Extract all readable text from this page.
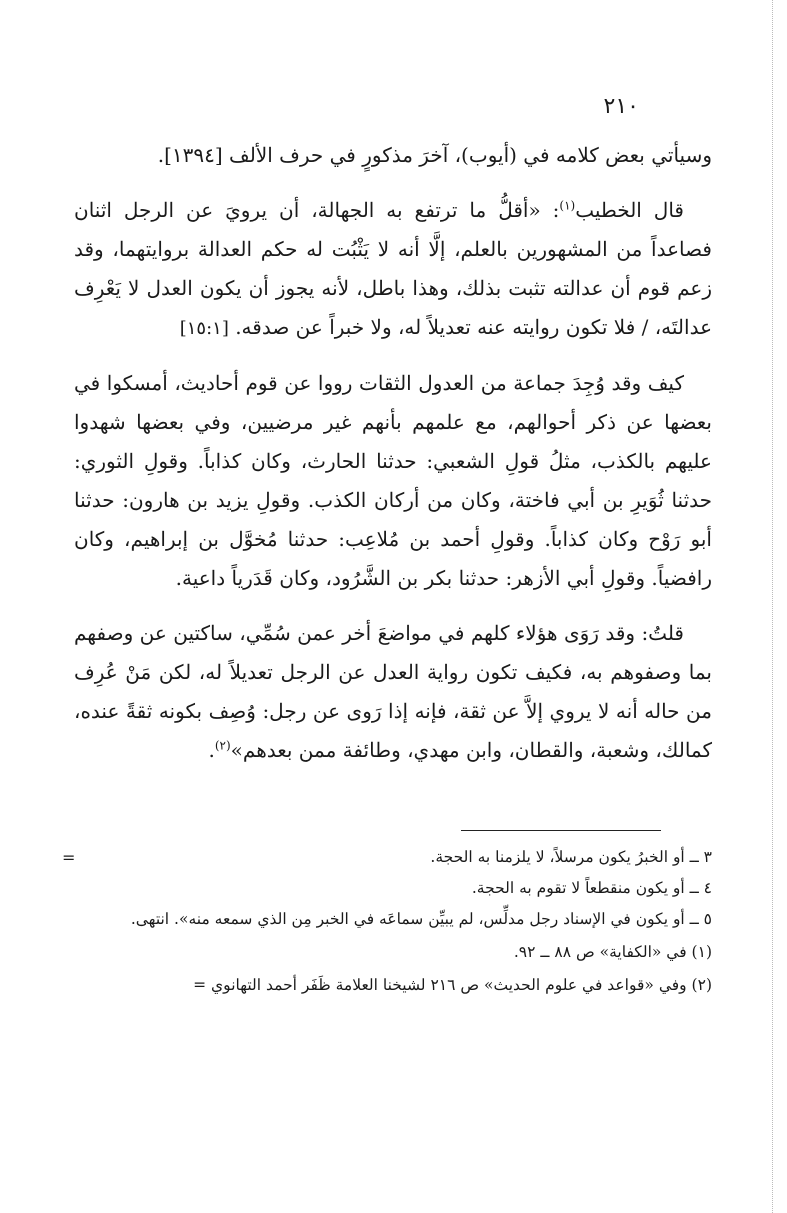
٢١٠

وسيأتي بعض كلامه في (أيوب)، آخرَ مذكورٍ في حرف الألف [١٣٩٤].

قال الخطيب$^{(١)}$: «أقلُّ ما ترتفع به الجهالة، أن يرويَ عن الرجل اثنان فصاعداً من المشهورين بالعلم، إلَّا أنه لا يَثْبُت له حكم العدالة بروايتهما، وقد زعم قوم أن عدالته تثبت بذلك، وهذا باطل، لأنه يجوز أن يكون العدل لا يَعْرِف عدالتَه، / فلا تكون روايته عنه تعديلاً له، ولا خبراً عن صدقه. [١٥:١]

كيف وقد وُجِدَ جماعة من العدول الثقات رووا عن قوم أحاديث، أمسكوا في بعضها عن ذكر أحوالهم، مع علمهم بأنهم غير مرضيين، وفي بعضها شهدوا عليهم بالكذب، مثلُ قولِ الشعبي: حدثنا الحارث، وكان كذاباً. وقولِ الثوري: حدثنا ثُوَيرِ بن أبي فاختة، وكان من أركان الكذب. وقولِ يزيد بن هارون: حدثنا أبو رَوْح وكان كذاباً. وقولِ أحمد بن مُلاعِب: حدثنا مُخوَّل بن إبراهيم، وكان رافضياً. وقولِ أبي الأزهر: حدثنا بكر بن الشَّرُود، وكان قَدَرياً داعية.

قلتُ: وقد رَوَى هؤلاء كلهم في مواضعَ أخر عمن سُمِّي، ساكتين عن وصفهم بما وصفوهم به، فكيف تكون رواية العدل عن الرجل تعديلاً له، لكن مَنْ عُرِف من حاله أنه لا يروي إلاَّ عن ثقة، فإنه إذا رَوى عن رجل: وُصِف بكونه ثقةً عنده، كمالك، وشعبة، والقطان، وابن مهدي، وطائفة ممن بعدهم»$^{(٢)}$.

=	٣ ــ أو الخبرُ يكون مرسلاً، لا يلزمنا به الحجة.

٤ ــ أو يكون منقطعاً لا تقوم به الحجة.

٥ ــ أو يكون في الإسناد رجل مدلِّس، لم يبيِّن سماعَه في الخبر مِن الذي سمعه منه». انتهى.

(١) في «الكفاية» ص ٨٨ ــ ٩٢.

(٢) وفي «قواعد في علوم الحديث» ص ٢١٦ لشيخنا العلامة ظَفَر أحمد التهانوي =
